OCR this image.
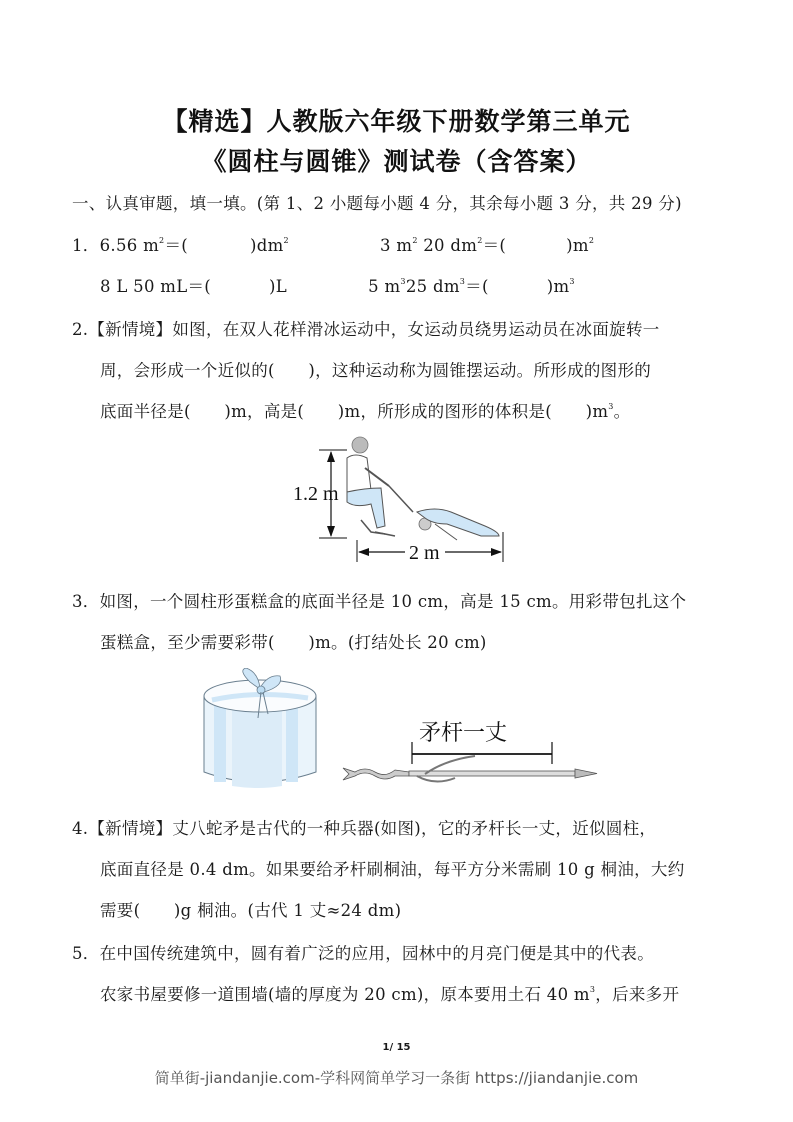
【精选】人教版六年级下册数学第三单元
《圆柱与圆锥》测试卷（含答案）
一、认真审题，填一填。(第 1、2 小题每小题 4 分，其余每小题 3 分，共 29 分)
1．6.56 $m^2=$(	)$dm^2$	3 $m^2$ 20 $dm^2=$(	)$m^2$
8 L 50 mL＝(	)L	5 $m^325$ $dm^3=$(	)$m^3$
2.【新情境】如图，在双人花样滑冰运动中，女运动员绕男运动员在冰面旋转一
周，会形成一个近似的(　　)，这种运动称为圆锥摆运动。所形成的图形的
底面半径是(　　)m，高是(　　)m，所形成的图形的体积是(　　)$m^3$。
1.2 m
2 m
3．如图，一个圆柱形蛋糕盒的底面半径是 10 cm，高是 15 cm。用彩带包扎这个
蛋糕盒，至少需要彩带(　　)m。(打结处长 20 cm)
矛杆一丈
4.【新情境】丈八蛇矛是古代的一种兵器(如图)，它的矛杆长一丈，近似圆柱，
底面直径是 0.4 dm。如果要给矛杆刷桐油，每平方分米需刷 10 g 桐油，大约
需要(　　)g 桐油。(古代 1 丈≈24 dm)
5．在中国传统建筑中，圆有着广泛的应用，园林中的月亮门便是其中的代表。
农家书屋要修一道围墙(墙的厚度为 20 cm)，原本要用土石 40 $m^3$，后来多开
1/ 15
简单街-jiandanjie.com-学科网简单学习一条街 https://jiandanjie.com
